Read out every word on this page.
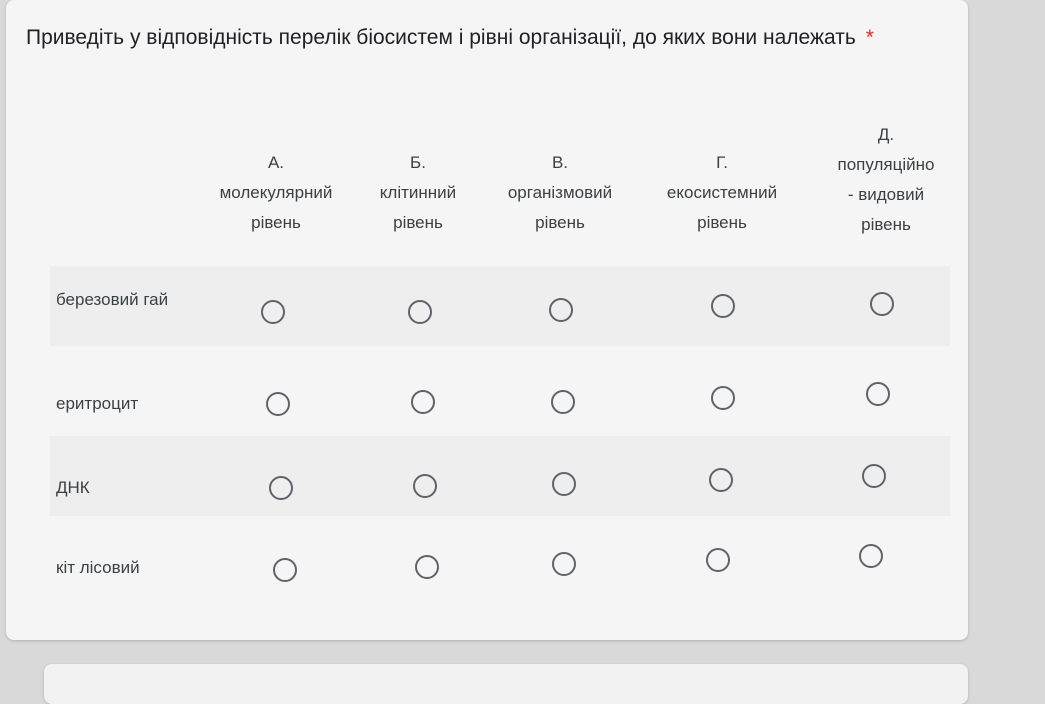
Приведіть у відповідність перелік біосистем і рівні організації, до яких вони належать *
А.
молекулярний
рівень
Б.
клітинний
рівень
В.
організмовий
рівень
Г.
екосистемний
рівень
Д.
популяційно
- видовий
рівень
березовий гай
еритроцит
ДНК
кіт лісовий
